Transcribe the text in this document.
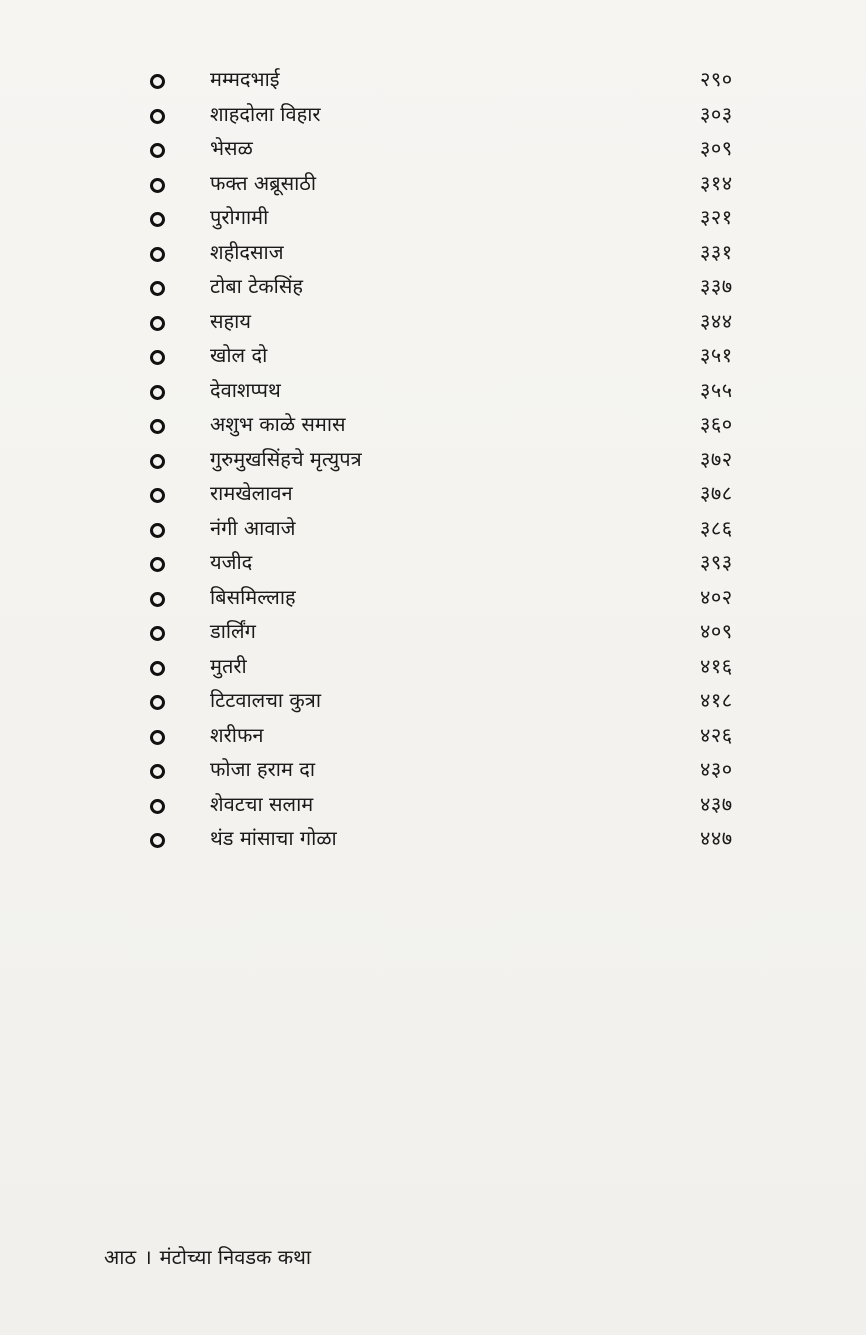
मम्मदभाई	२९०
शाहदोला विहार	३०३
भेसळ	३०९
फक्त अब्रूसाठी	३१४
पुरोगामी	३२१
शहीदसाज	३३१
टोबा टेकसिंह	३३७
सहाय	३४४
खोल दो	३५१
देवाशप्पथ	३५५
अशुभ काळे समास	३६०
गुरुमुखसिंहचे मृत्युपत्र	३७२
रामखेलावन	३७८
नंगी आवाजे	३८६
यजीद	३९३
बिसमिल्लाह	४०२
डार्लिंग	४०९
मुतरी	४१६
टिटवालचा कुत्रा	४१८
शरीफन	४२६
फोजा हराम दा	४३०
शेवटचा सलाम	४३७
थंड मांसाचा गोळा	४४७
आठ । मंटोच्या निवडक कथा
